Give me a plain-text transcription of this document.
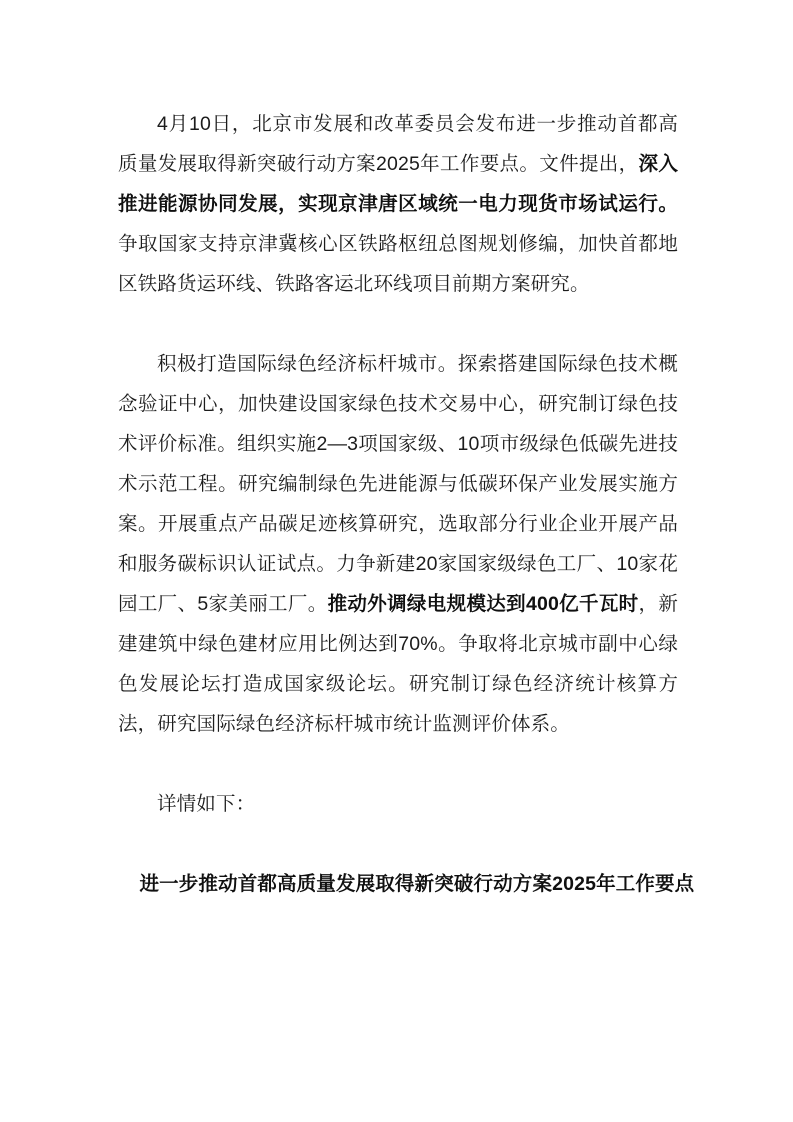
4月10日，北京市发展和改革委员会发布进一步推动首都高质量发展取得新突破行动方案2025年工作要点。文件提出，深入推进能源协同发展，实现京津唐区域统一电力现货市场试运行。争取国家支持京津冀核心区铁路枢纽总图规划修编，加快首都地区铁路货运环线、铁路客运北环线项目前期方案研究。

积极打造国际绿色经济标杆城市。探索搭建国际绿色技术概念验证中心，加快建设国家绿色技术交易中心，研究制订绿色技术评价标准。组织实施2—3项国家级、10项市级绿色低碳先进技术示范工程。研究编制绿色先进能源与低碳环保产业发展实施方案。开展重点产品碳足迹核算研究，选取部分行业企业开展产品和服务碳标识认证试点。力争新建20家国家级绿色工厂、10家花园工厂、5家美丽工厂。推动外调绿电规模达到400亿千瓦时，新建建筑中绿色建材应用比例达到70%。争取将北京城市副中心绿色发展论坛打造成国家级论坛。研究制订绿色经济统计核算方法，研究国际绿色经济标杆城市统计监测评价体系。

详情如下：

进一步推动首都高质量发展取得新突破行动方案2025年工作要点
